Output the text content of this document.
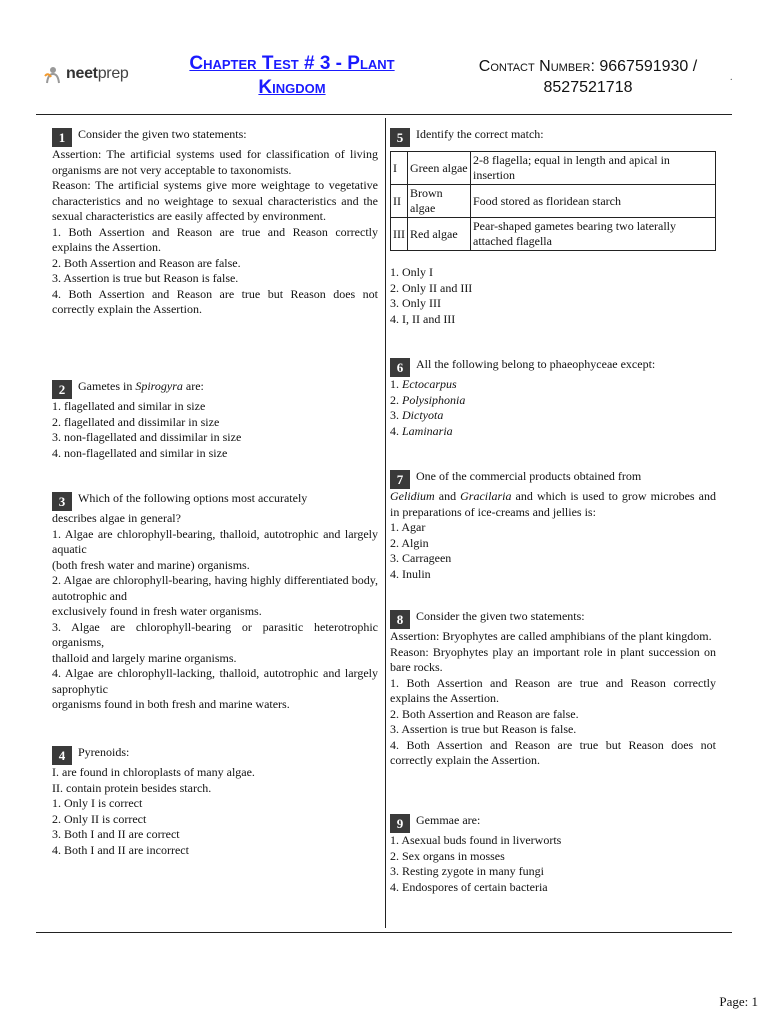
neetprep	Chapter Test # 3 - Plant
Kingdom
Contact Number: 9667591930 /
8527521718
.
1	Consider the given two statements:
Assertion: The artificial systems used for classification of living organisms are not very acceptable to taxonomists.
Reason: The artificial systems give more weightage to vegetative characteristics and no weightage to sexual characteristics and the sexual characteristics are easily affected by environment.
1. Both Assertion and Reason are true and Reason correctly explains the Assertion.
2. Both Assertion and Reason are false.
3. Assertion is true but Reason is false.
4. Both Assertion and Reason are true but Reason does not correctly explain the Assertion.
2	Gametes in Spirogyra are:
1. flagellated and similar in size
2. flagellated and dissimilar in size
3. non-flagellated and dissimilar in size
4. non-flagellated and similar in size
3	Which of the following options most accurately
describes algae in general?
1. Algae are chlorophyll-bearing, thalloid, autotrophic and largely aquatic
(both fresh water and marine) organisms.
2. Algae are chlorophyll-bearing, having highly differentiated body, autotrophic and
exclusively found in fresh water organisms.
3. Algae are chlorophyll-bearing or parasitic heterotrophic organisms,
thalloid and largely marine organisms.
4. Algae are chlorophyll-lacking, thalloid, autotrophic and largely saprophytic
organisms found in both fresh and marine waters.
4	Pyrenoids:
I. are found in chloroplasts of many algae.
II. contain protein besides starch.
1. Only I is correct
2. Only II is correct
3. Both I and II are correct
4. Both I and II are incorrect
5	Identify the correct match:
I	Green algae	2-8 flagella; equal in length and apical in insertion
II	Brown algae	Food stored as floridean starch
III	Red algae	Pear-shaped gametes bearing two laterally attached flagella
1. Only I
2. Only II and III
3. Only III
4. I, II and III
6	All the following belong to phaeophyceae except:
1. Ectocarpus
2. Polysiphonia
3. Dictyota
4. Laminaria
7	One of the commercial products obtained from
Gelidium and Gracilaria and which is used to grow microbes and in preparations of ice-creams and jellies is:
1. Agar
2. Algin
3. Carrageen
4. Inulin
8	Consider the given two statements:
Assertion: Bryophytes are called amphibians of the plant kingdom.
Reason: Bryophytes play an important role in plant succession on bare rocks.
1. Both Assertion and Reason are true and Reason correctly explains the Assertion.
2. Both Assertion and Reason are false.
3. Assertion is true but Reason is false.
4. Both Assertion and Reason are true but Reason does not correctly explain the Assertion.
9	Gemmae are:
1. Asexual buds found in liverworts
2. Sex organs in mosses
3. Resting zygote in many fungi
4. Endospores of certain bacteria
Page: 1
